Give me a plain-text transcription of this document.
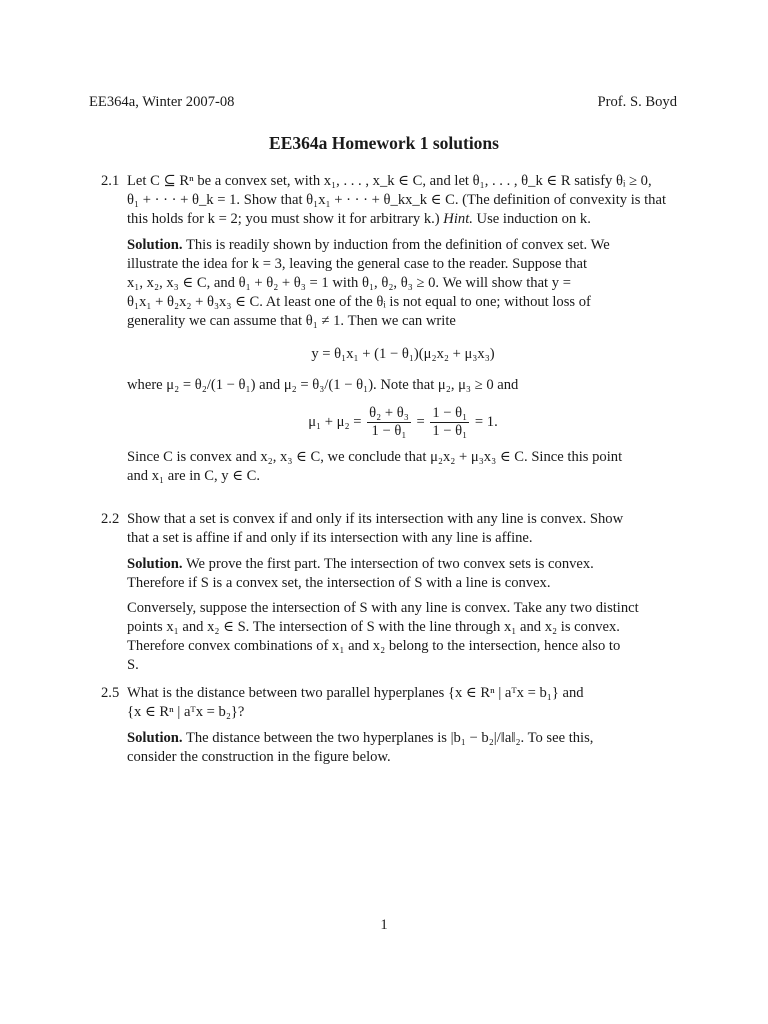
EE364a, Winter 2007-08	Prof. S. Boyd
EE364a Homework 1 solutions
2.1 Let C ⊆ Rⁿ be a convex set, with x₁, . . . , x_k ∈ C, and let θ₁, . . . , θ_k ∈ R satisfy θᵢ ≥ 0,
θ₁ + · · · + θ_k = 1. Show that θ₁x₁ + · · · + θ_kx_k ∈ C. (The definition of convexity is that
this holds for k = 2; you must show it for arbitrary k.) Hint. Use induction on k.
Solution. This is readily shown by induction from the definition of convex set. We
illustrate the idea for k = 3, leaving the general case to the reader. Suppose that
x₁, x₂, x₃ ∈ C, and θ₁ + θ₂ + θ₃ = 1 with θ₁, θ₂, θ₃ ≥ 0. We will show that y =
θ₁x₁ + θ₂x₂ + θ₃x₃ ∈ C. At least one of the θᵢ is not equal to one; without loss of
generality we can assume that θ₁ ≠ 1. Then we can write
y = θ₁x₁ + (1 − θ₁)(μ₂x₂ + μ₃x₃)
where μ₂ = θ₂/(1 − θ₁) and μ₂ = θ₃/(1 − θ₁). Note that μ₂, μ₃ ≥ 0 and
$\mu_1 + \mu_2 = \frac{\text{θ₂ + θ₃}}{\text{1 − θ₁}} = \frac{\text{1 − θ₁}}{\text{1 − θ₁}} = 1$.
Since C is convex and x₂, x₃ ∈ C, we conclude that μ₂x₂ + μ₃x₃ ∈ C. Since this point
and x₁ are in C, y ∈ C.
2.2 Show that a set is convex if and only if its intersection with any line is convex. Show
that a set is affine if and only if its intersection with any line is affine.
Solution. We prove the first part. The intersection of two convex sets is convex.
Therefore if S is a convex set, the intersection of S with a line is convex.
Conversely, suppose the intersection of S with any line is convex. Take any two distinct
points x₁ and x₂ ∈ S. The intersection of S with the line through x₁ and x₂ is convex.
Therefore convex combinations of x₁ and x₂ belong to the intersection, hence also to
S.
2.5 What is the distance between two parallel hyperplanes {x ∈ Rⁿ | aᵀx = b₁} and
{x ∈ Rⁿ | aᵀx = b₂}?
Solution. The distance between the two hyperplanes is |b₁ − b₂|/‖a‖₂. To see this,
consider the construction in the figure below.
1
